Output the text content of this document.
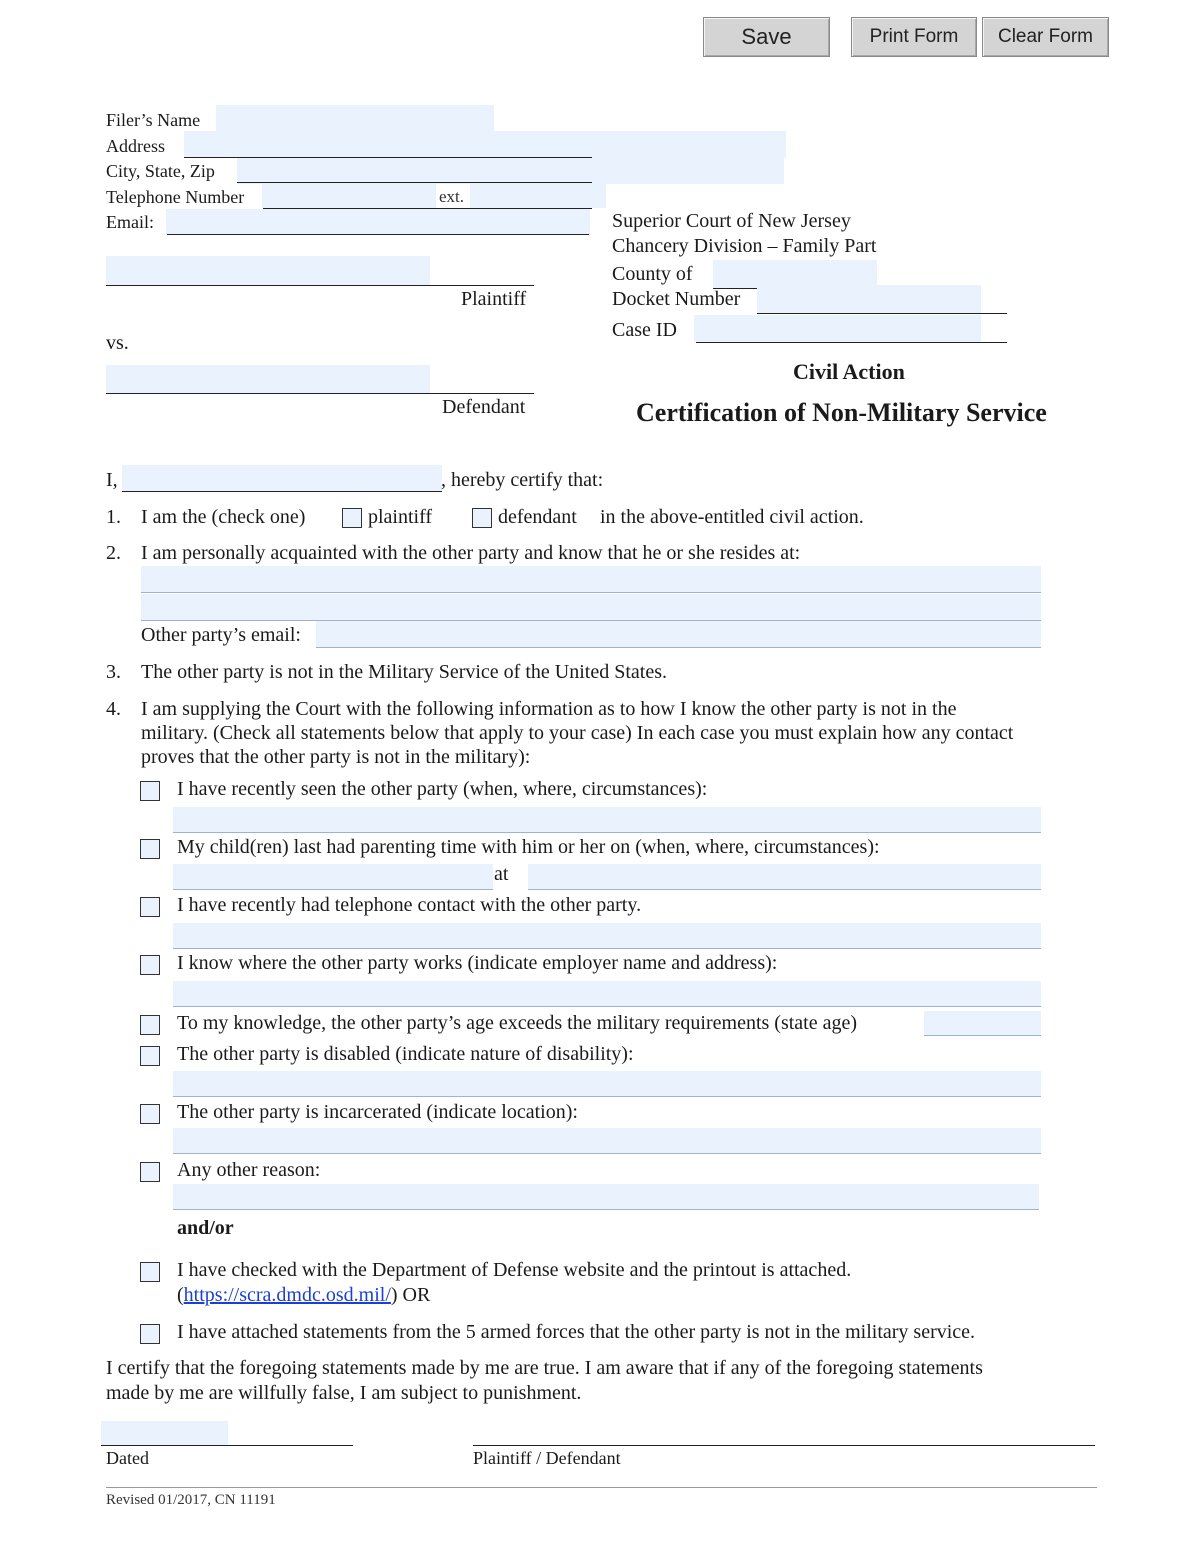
Save	Print Form	Clear Form
Filer’s Name
Address
City, State, Zip
Telephone Number	ext.
Email:	Superior Court of New Jersey
Chancery Division – Family Part
County of
Docket Number
Case ID
Civil Action
Certification of Non-Military Service
Plaintiff
vs.
Defendant
I,	, hereby certify that:
1. I am the (check one)	plaintiff	defendant in the above-entitled civil action.
2. I am personally acquainted with the other party and know that he or she resides at:
Other party’s email:
3. The other party is not in the Military Service of the United States.
4. I am supplying the Court with the following information as to how I know the other party is not in the
military. (Check all statements below that apply to your case) In each case you must explain how any contact
proves that the other party is not in the military):
I have recently seen the other party (when, where, circumstances):
My child(ren) last had parenting time with him or her on (when, where, circumstances):
at
I have recently had telephone contact with the other party.
I know where the other party works (indicate employer name and address):
To my knowledge, the other party’s age exceeds the military requirements (state age)
The other party is disabled (indicate nature of disability):
The other party is incarcerated (indicate location):
Any other reason:
and/or
I have checked with the Department of Defense website and the printout is attached.
(https://scra.dmdc.osd.mil/) OR
I have attached statements from the 5 armed forces that the other party is not in the military service.
I certify that the foregoing statements made by me are true. I am aware that if any of the foregoing statements
made by me are willfully false, I am subject to punishment.
Dated	Plaintiff / Defendant
Revised 01/2017, CN 11191
